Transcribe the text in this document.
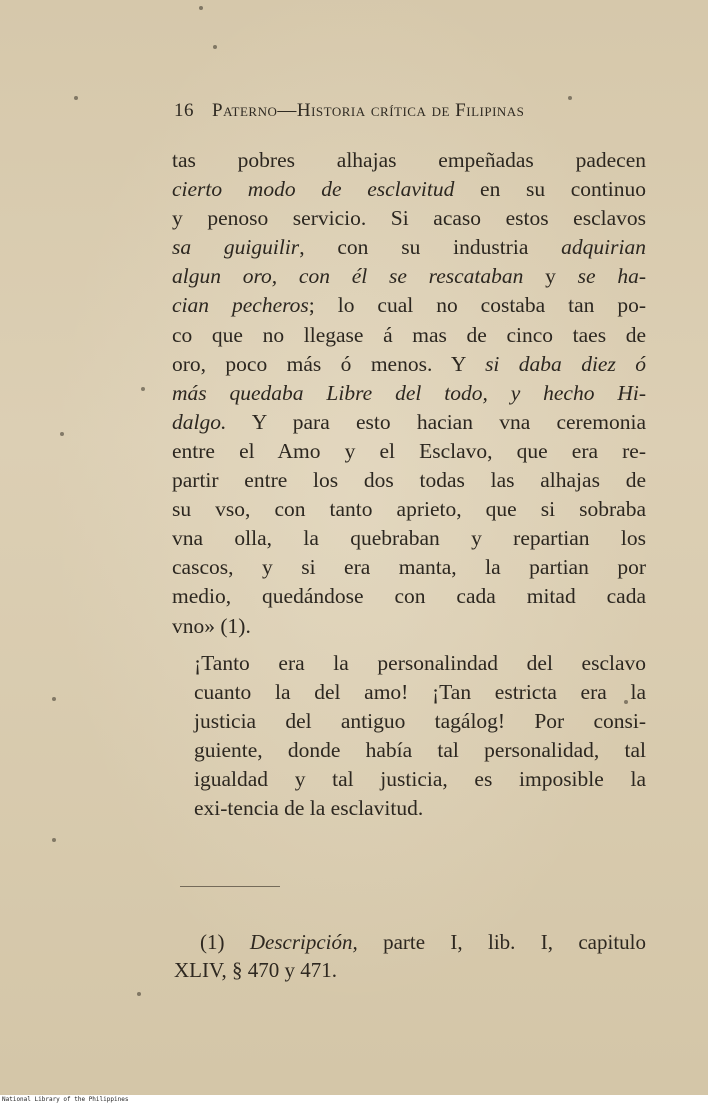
16 Paterno—Historia crítica de Filipinas

tas pobres alhajas empeñadas padecen
cierto modo de esclavitud en su continuo
y penoso servicio. Si acaso estos esclavos
sa guiguilir, con su industria adquirian
algun oro, con él se rescataban y se ha-
cian pecheros; lo cual no costaba tan po-
co que no llegase á mas de cinco taes de
oro, poco más ó menos. Y si daba diez ó
más quedaba Libre del todo, y hecho Hi-
dalgo. Y para esto hacian vna ceremonia
entre el Amo y el Esclavo, que era re-
partir entre los dos todas las alhajas de
su vso, con tanto aprieto, que si sobraba
vna olla, la quebraban y repartian los
cascos, y si era manta, la partian por
medio, quedándose con cada mitad cada
vno» (1).

¡Tanto era la personalindad del esclavo
cuanto la del amo! ¡Tan estricta era la
justicia del antiguo tagálog! Por consi-
guiente, donde había tal personalidad, tal
igualdad y tal justicia, es imposible la
exi-tencia de la esclavitud.

(1) Descripción, parte I, lib. I, capitulo
XLIV, § 470 y 471.
National Library of the Philippines
